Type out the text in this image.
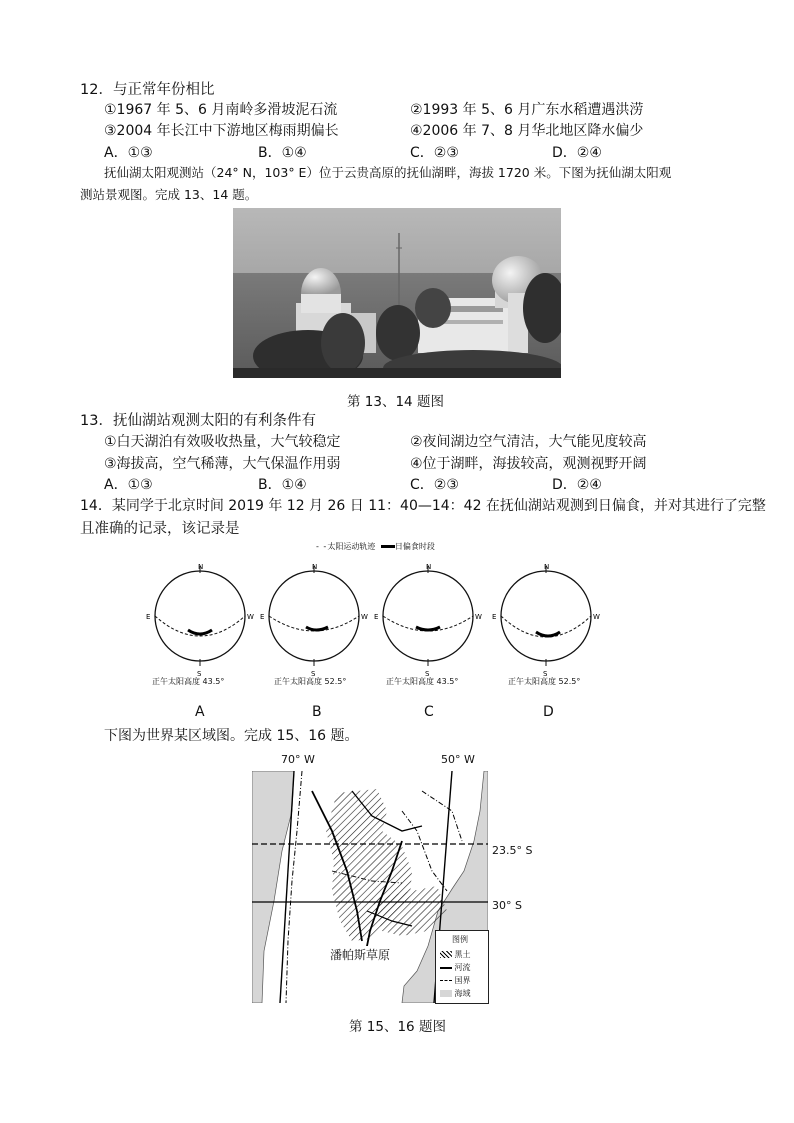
12．与正常年份相比
①1967 年 5、6 月南岭多滑坡泥石流	②1993 年 5、6 月广东水稻遭遇洪涝
③2004 年长江中下游地区梅雨期偏长	④2006 年 7、8 月华北地区降水偏少
A．①③	B．①④	C．②③	D．②④
抚仙湖太阳观测站（24° N，103° E）位于云贵高原的抚仙湖畔，海拔 1720 米。下图为抚仙湖太阳观
测站景观图。完成 13、14 题。
第 13、14 题图
13．抚仙湖站观测太阳的有利条件有
①白天湖泊有效吸收热量，大气较稳定	②夜间湖边空气清洁，大气能见度较高
③海拔高，空气稀薄，大气保温作用弱	④位于湖畔，海拔较高，观测视野开阔
A．①③	B．①④	C．②③	D．②④
14．某同学于北京时间 2019 年 12 月 26 日 11：40—14：42 在抚仙湖站观测到日偏食，并对其进行了完整
且准确的记录，该记录是
- -太阳运动轨迹 日偏食时段
N
S
E	W
N
S
E	W
N
S
E	W
N
S
E	W
正午太阳高度 43.5°	正午太阳高度 52.5°	正午太阳高度 43.5°	正午太阳高度 52.5°
A	B	C	D
下图为世界某区域图。完成 15、16 题。
70° W	50° W
23.5° S
30° S
潘帕斯草原
图例
黑土
河流
国界
海域
第 15、16 题图
